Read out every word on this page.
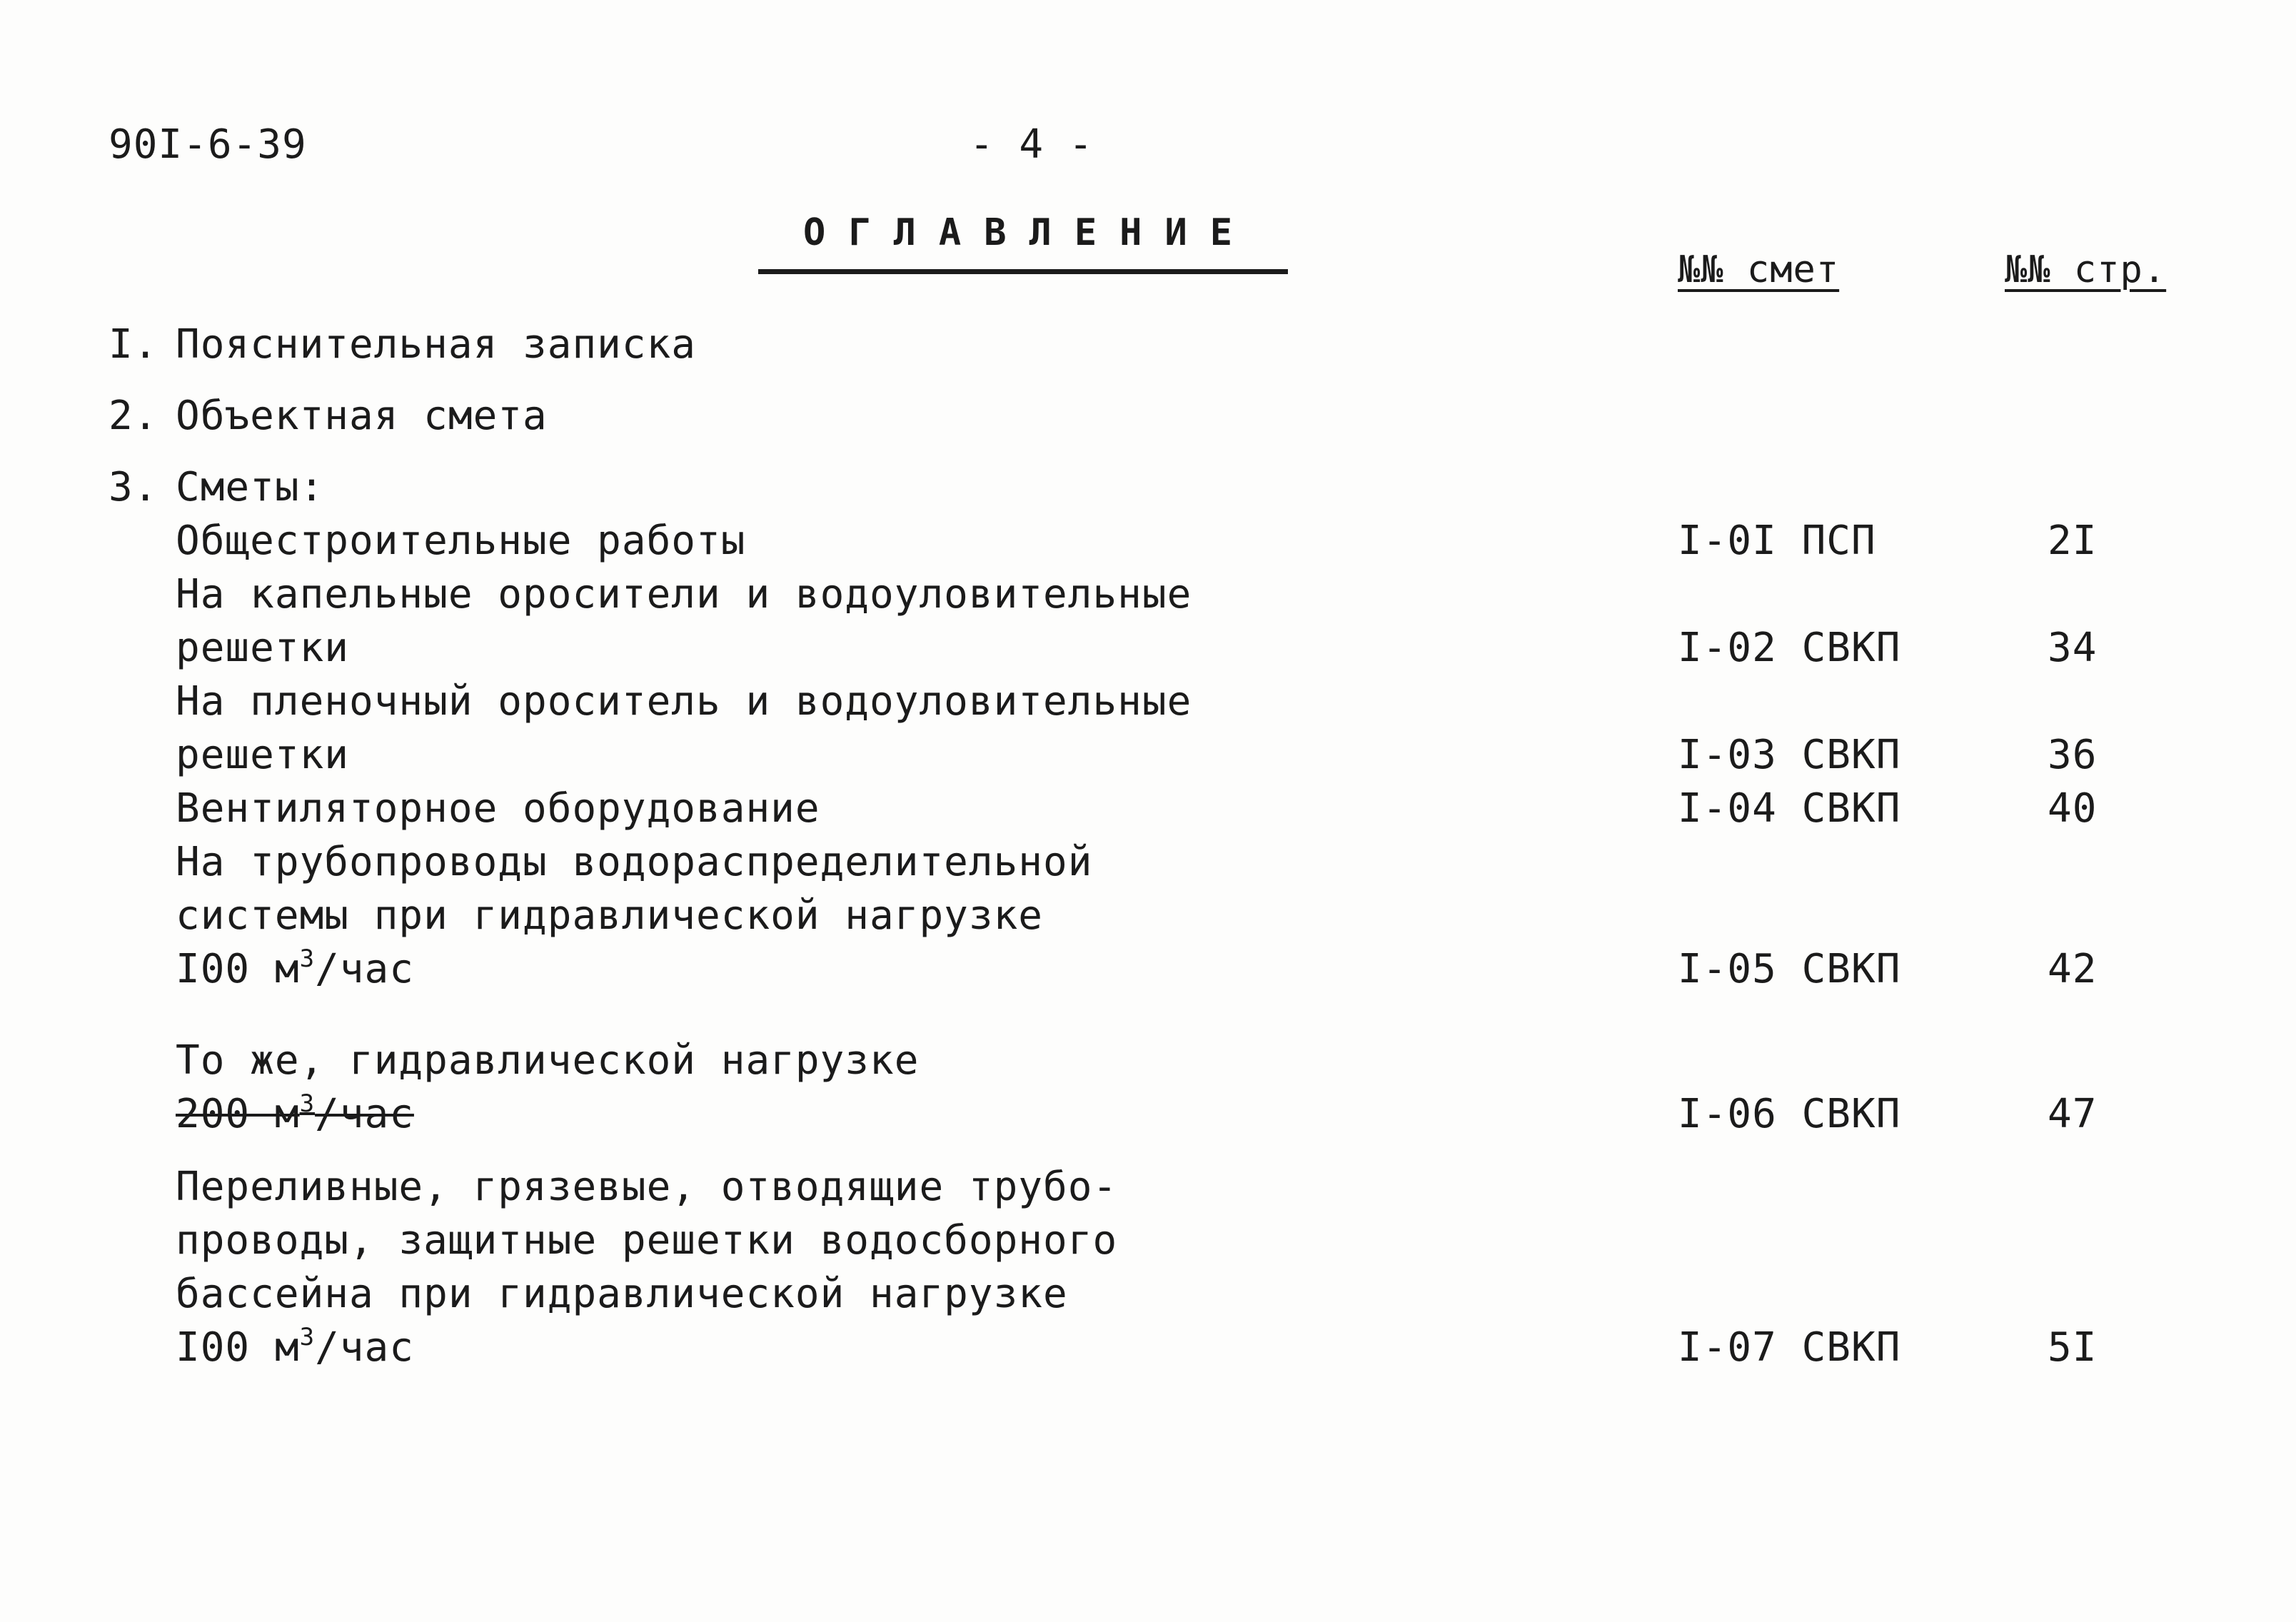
90I-6-39	- 4 -
ОГЛАВЛЕНИЕ
№№ смет	№№ стр.
I. Пояснительная записка
2. Объектная смета
3. Сметы:
Общестроительные работы	I-0I ПСП	2I
На капельные оросители и водоуловительные
решетки	I-02 СВКП	34
На пленочный ороситель и водоуловительные
решетки	I-03 СВКП	36
Вентиляторное оборудование	I-04 СВКП	40
На трубопроводы водораспределительной
системы при гидравлической нагрузке
I00 $м^3$/час	I-05 СВКП	42
То же, гидравлической нагрузке
200 $м^3$/час	I-06 СВКП	47
Переливные, грязевые, отводящие трубо-
проводы, защитные решетки водосборного
бассейна при гидравлической нагрузке
I00 $м^3$/час	I-07 СВКП	5I
